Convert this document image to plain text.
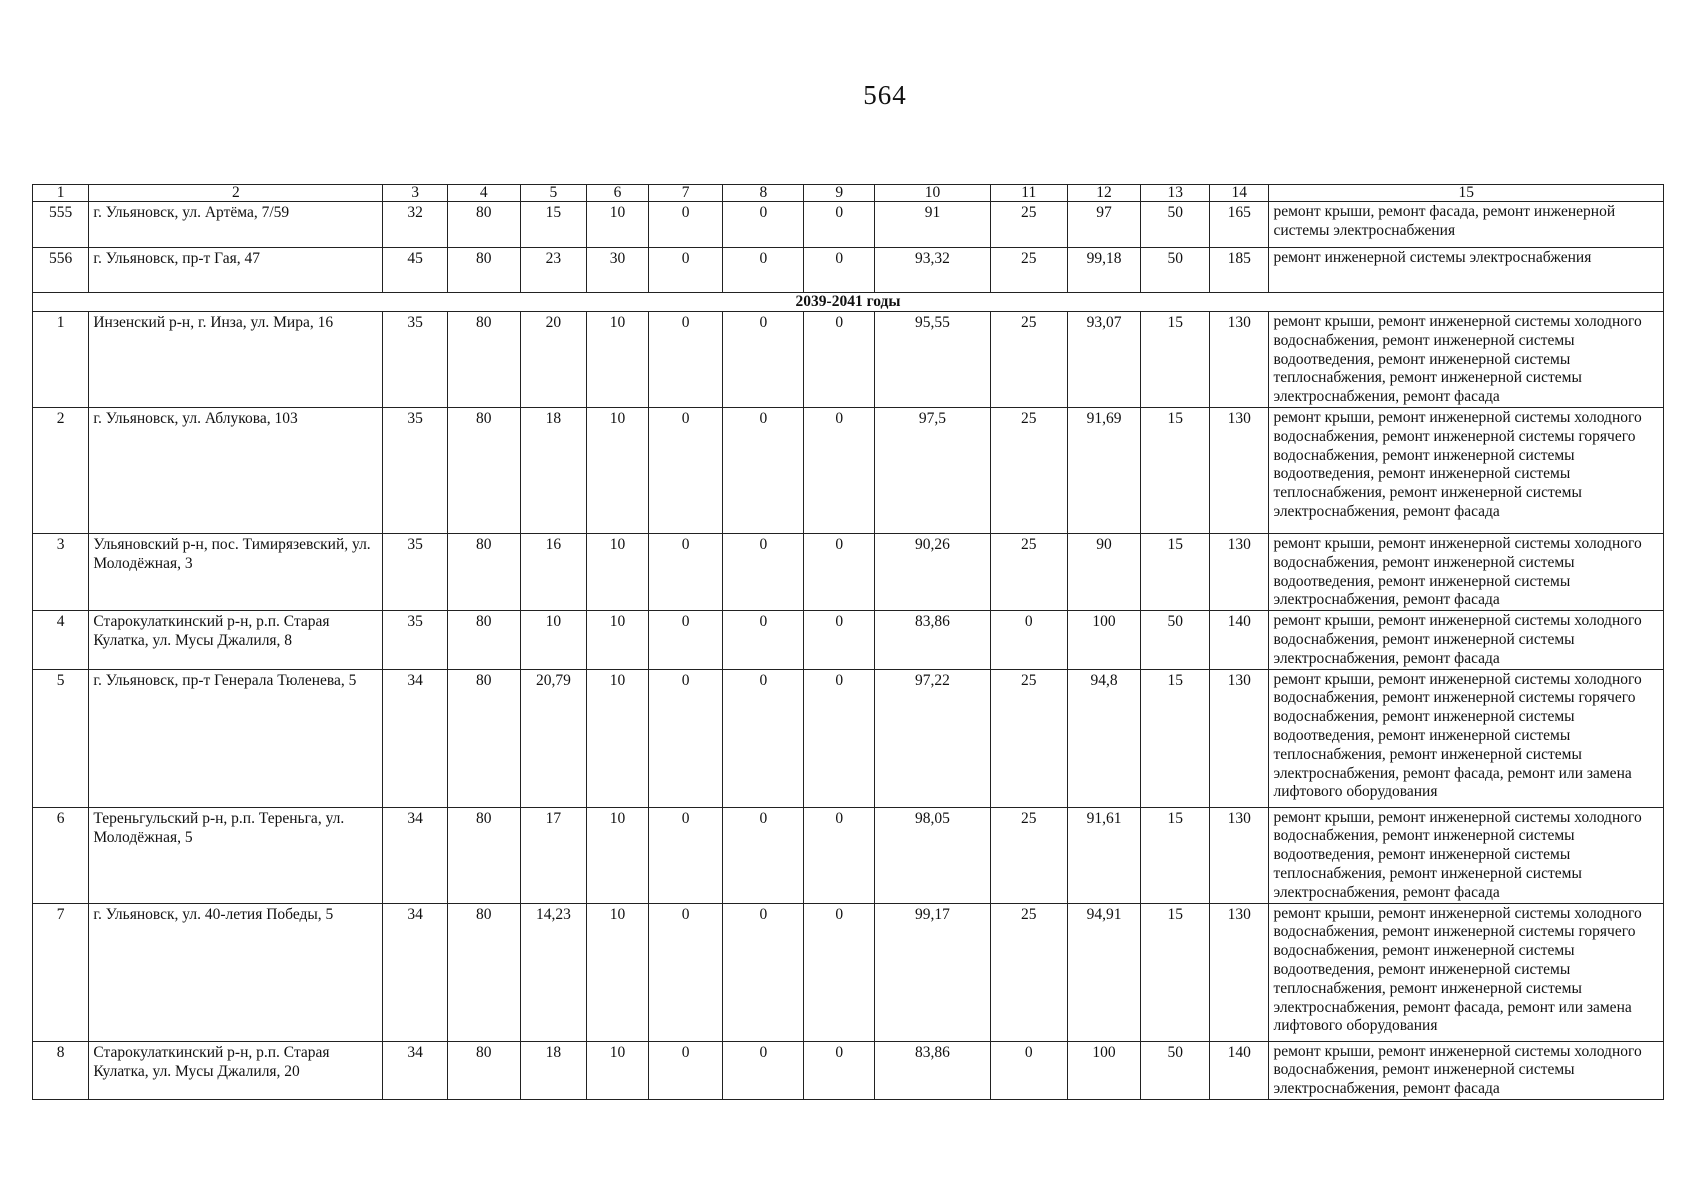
564
1	2	3	4	5	6	7	8	9	10	11	12	13	14	15
555	г. Ульяновск, ул. Артёма, 7/59	32	80	15	10	0	0	0	91	25	97	50	165	ремонт крыши, ремонт фасада, ремонт инженерной системы электроснабжения
556	г. Ульяновск, пр-т Гая, 47	45	80	23	30	0	0	0	93,32	25	99,18	50	185	ремонт инженерной системы электроснабжения
2039-2041 годы														
1	Инзенский р-н, г. Инза, ул. Мира, 16	35	80	20	10	0	0	0	95,55	25	93,07	15	130	ремонт крыши, ремонт инженерной системы холодного водоснабжения, ремонт инженерной системы водоотведения, ремонт инженерной системы теплоснабжения, ремонт инженерной системы электроснабжения, ремонт фасада
2	г. Ульяновск, ул. Аблукова, 103	35	80	18	10	0	0	0	97,5	25	91,69	15	130	ремонт крыши, ремонт инженерной системы холодного водоснабжения, ремонт инженерной системы горячего водоснабжения, ремонт инженерной системы водоотведения, ремонт инженерной системы теплоснабжения, ремонт инженерной системы электроснабжения, ремонт фасада
3	Ульяновский р-н, пос. Тимирязевский, ул. Молодёжная, 3	35	80	16	10	0	0	0	90,26	25	90	15	130	ремонт крыши, ремонт инженерной системы холодного водоснабжения, ремонт инженерной системы водоотведения, ремонт инженерной системы электроснабжения, ремонт фасада
4	Старокулаткинский р-н, р.п. Старая Кулатка, ул. Мусы Джалиля, 8	35	80	10	10	0	0	0	83,86	0	100	50	140	ремонт крыши, ремонт инженерной системы холодного водоснабжения, ремонт инженерной системы электроснабжения, ремонт фасада
5	г. Ульяновск, пр-т Генерала Тюленева, 5	34	80	20,79	10	0	0	0	97,22	25	94,8	15	130	ремонт крыши, ремонт инженерной системы холодного водоснабжения, ремонт инженерной системы горячего водоснабжения, ремонт инженерной системы водоотведения, ремонт инженерной системы теплоснабжения, ремонт инженерной системы электроснабжения, ремонт фасада, ремонт или замена лифтового оборудования
6	Тереньгульский р-н, р.п. Тереньга, ул. Молодёжная, 5	34	80	17	10	0	0	0	98,05	25	91,61	15	130	ремонт крыши, ремонт инженерной системы холодного водоснабжения, ремонт инженерной системы водоотведения, ремонт инженерной системы теплоснабжения, ремонт инженерной системы электроснабжения, ремонт фасада
7	г. Ульяновск, ул. 40-летия Победы, 5	34	80	14,23	10	0	0	0	99,17	25	94,91	15	130	ремонт крыши, ремонт инженерной системы холодного водоснабжения, ремонт инженерной системы горячего водоснабжения, ремонт инженерной системы водоотведения, ремонт инженерной системы теплоснабжения, ремонт инженерной системы электроснабжения, ремонт фасада, ремонт или замена лифтового оборудования
8	Старокулаткинский р-н, р.п. Старая Кулатка, ул. Мусы Джалиля, 20	34	80	18	10	0	0	0	83,86	0	100	50	140	ремонт крыши, ремонт инженерной системы холодного водоснабжения, ремонт инженерной системы электроснабжения, ремонт фасада
